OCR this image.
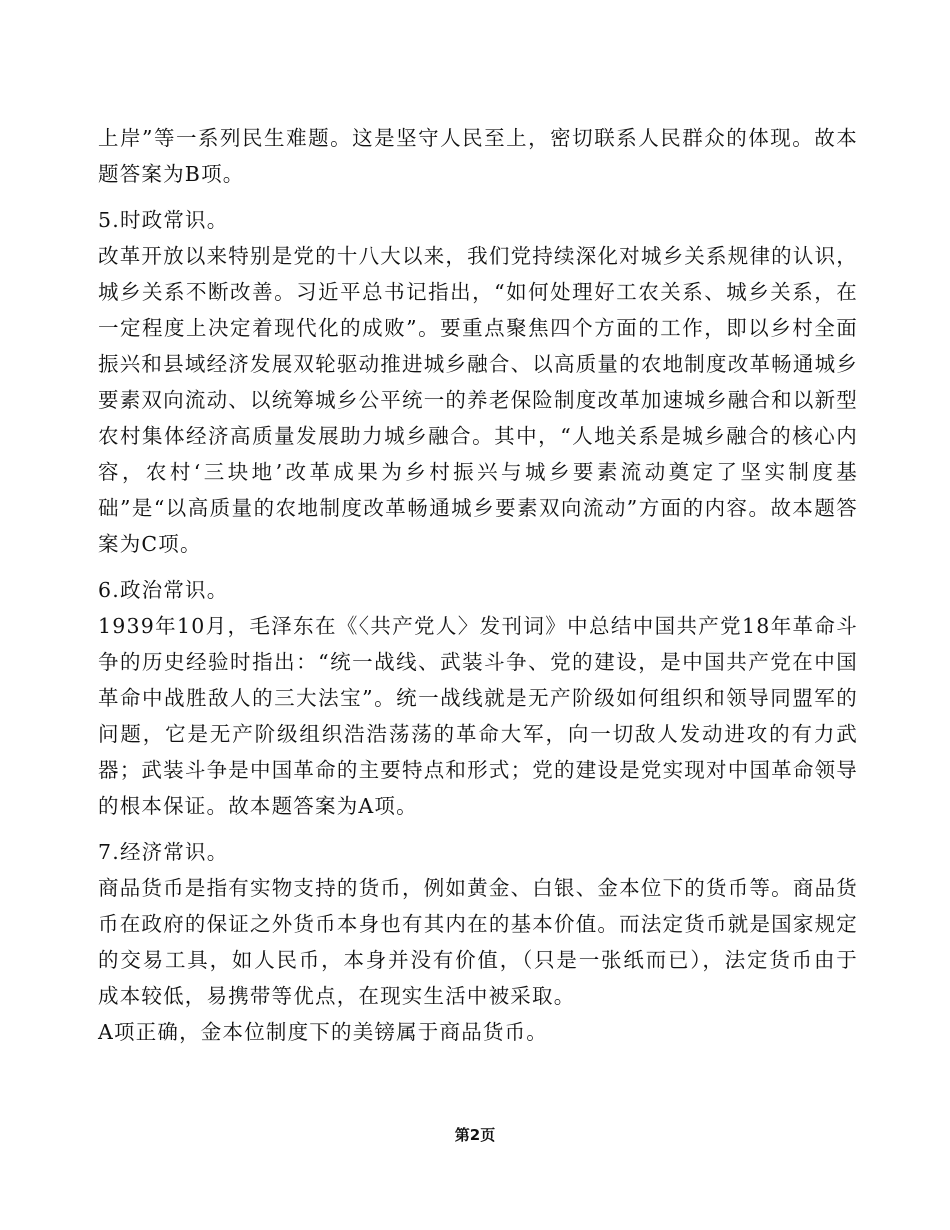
上岸”等一系列民生难题。这是坚守人民至上，密切联系人民群众的体现。故本题答案为B项。

5.时政常识。

改革开放以来特别是党的十八大以来，我们党持续深化对城乡关系规律的认识，城乡关系不断改善。习近平总书记指出，“如何处理好工农关系、城乡关系，在一定程度上决定着现代化的成败”。要重点聚焦四个方面的工作，即以乡村全面振兴和县域经济发展双轮驱动推进城乡融合、以高质量的农地制度改革畅通城乡要素双向流动、以统筹城乡公平统一的养老保险制度改革加速城乡融合和以新型农村集体经济高质量发展助力城乡融合。其中，“人地关系是城乡融合的核心内容，农村‘三块地’改革成果为乡村振兴与城乡要素流动奠定了坚实制度基础”是“以高质量的农地制度改革畅通城乡要素双向流动”方面的内容。故本题答案为C项。

6.政治常识。

1939年10月，毛泽东在《〈共产党人〉发刊词》中总结中国共产党18年革命斗争的历史经验时指出：“统一战线、武装斗争、党的建设，是中国共产党在中国革命中战胜敌人的三大法宝”。统一战线就是无产阶级如何组织和领导同盟军的问题，它是无产阶级组织浩浩荡荡的革命大军，向一切敌人发动进攻的有力武器；武装斗争是中国革命的主要特点和形式；党的建设是党实现对中国革命领导的根本保证。故本题答案为A项。

7.经济常识。

商品货币是指有实物支持的货币，例如黄金、白银、金本位下的货币等。商品货币在政府的保证之外货币本身也有其内在的基本价值。而法定货币就是国家规定的交易工具，如人民币，本身并没有价值，（只是一张纸而已），法定货币由于成本较低，易携带等优点，在现实生活中被采取。

A项正确，金本位制度下的美镑属于商品货币。

第2页
